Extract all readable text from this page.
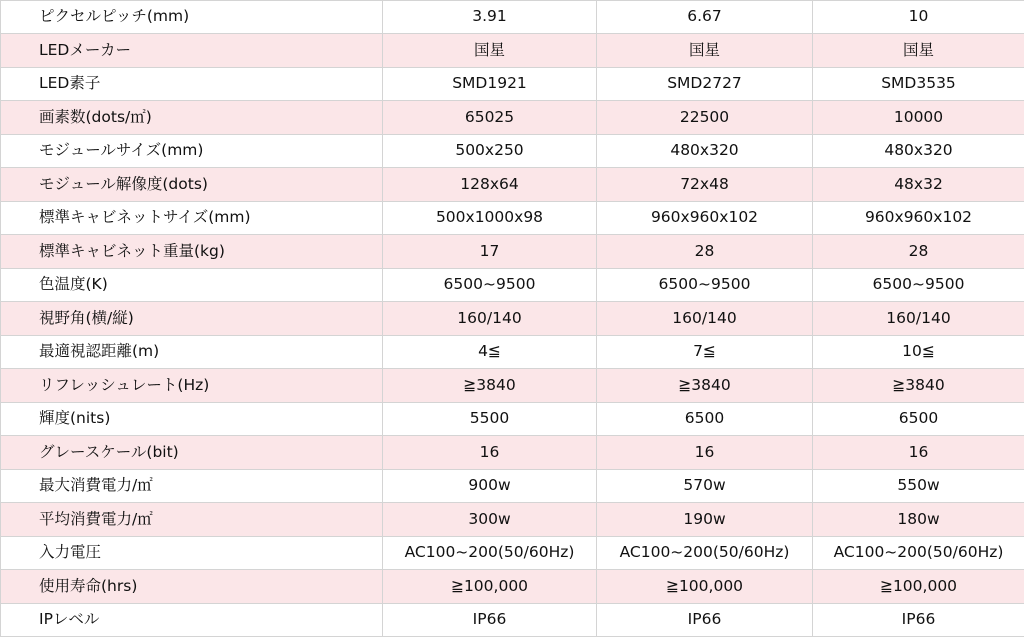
ピクセルピッチ(mm)	3.91	6.67	10
LEDメーカー	国星	国星	国星
LED素子	SMD1921	SMD2727	SMD3535
画素数(dots/㎡)	65025	22500	10000
モジュールサイズ(mm)	500x250	480x320	480x320
モジュール解像度(dots)	128x64	72x48	48x32
標準キャビネットサイズ(mm)	500x1000x98	960x960x102	960x960x102
標準キャビネット重量(kg)	17	28	28
色温度(K)	6500~9500	6500~9500	6500~9500
視野角(横/縦)	160/140	160/140	160/140
最適視認距離(m)	4≦	7≦	10≦
リフレッシュレート(Hz)	≧3840	≧3840	≧3840
輝度(nits)	5500	6500	6500
グレースケール(bit)	16	16	16
最大消費電力/㎡	900w	570w	550w
平均消費電力/㎡	300w	190w	180w
入力電圧	AC100~200(50/60Hz)	AC100~200(50/60Hz)	AC100~200(50/60Hz)
使用寿命(hrs)	≧100,000	≧100,000	≧100,000
IPレベル	IP66	IP66	IP66
